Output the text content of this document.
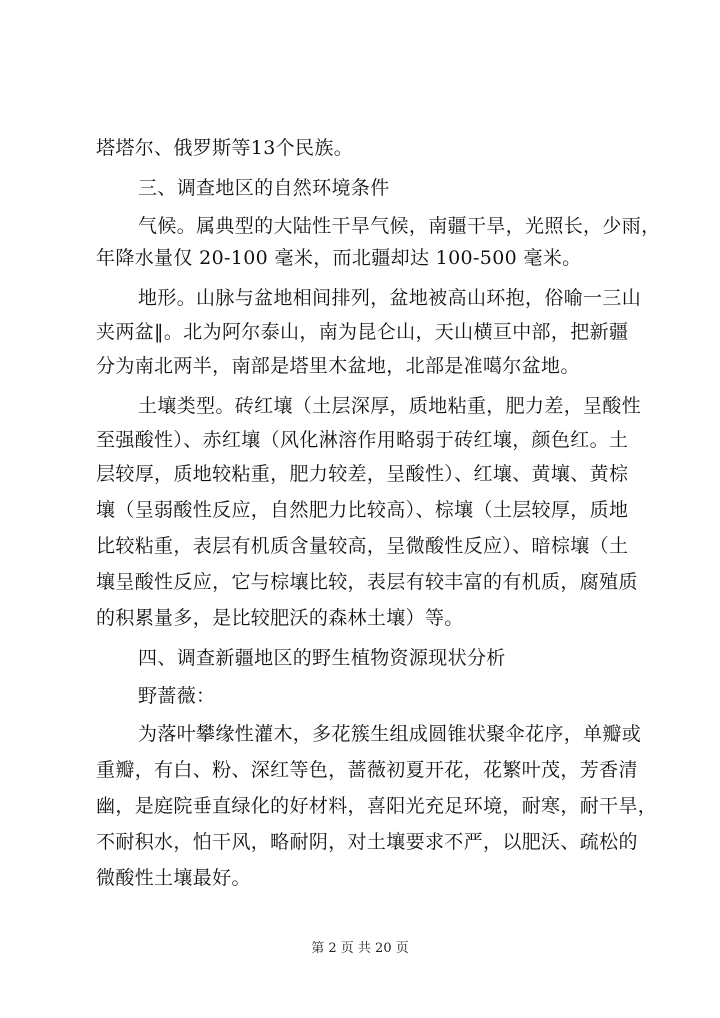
塔塔尔、俄罗斯等13个民族。
三、调查地区的自然环境条件
气候。属典型的大陆性干旱气候，南疆干旱，光照长，少雨，
年降水量仅 20-100 毫米，而北疆却达 100-500 毫米。
地形。山脉与盆地相间排列，盆地被高山环抱，俗喻一三山
夹两盆‖。北为阿尔泰山，南为昆仑山，天山横亘中部，把新疆
分为南北两半，南部是塔里木盆地，北部是准噶尔盆地。
土壤类型。砖红壤（土层深厚，质地粘重，肥力差，呈酸性
至强酸性）、赤红壤（风化淋溶作用略弱于砖红壤，颜色红。土
层较厚，质地较粘重，肥力较差，呈酸性）、红壤、黄壤、黄棕
壤（呈弱酸性反应，自然肥力比较高）、棕壤（土层较厚，质地
比较粘重，表层有机质含量较高，呈微酸性反应）、暗棕壤（土
壤呈酸性反应，它与棕壤比较，表层有较丰富的有机质，腐殖质
的积累量多，是比较肥沃的森林土壤）等。
四、调查新疆地区的野生植物资源现状分析
野蔷薇：
为落叶攀缘性灌木，多花簇生组成圆锥状聚伞花序，单瓣或
重瓣，有白、粉、深红等色，蔷薇初夏开花，花繁叶茂，芳香清
幽，是庭院垂直绿化的好材料，喜阳光充足环境，耐寒，耐干旱，
不耐积水，怕干风，略耐阴，对土壤要求不严，以肥沃、疏松的
微酸性土壤最好。
第 2 页 共 20 页
